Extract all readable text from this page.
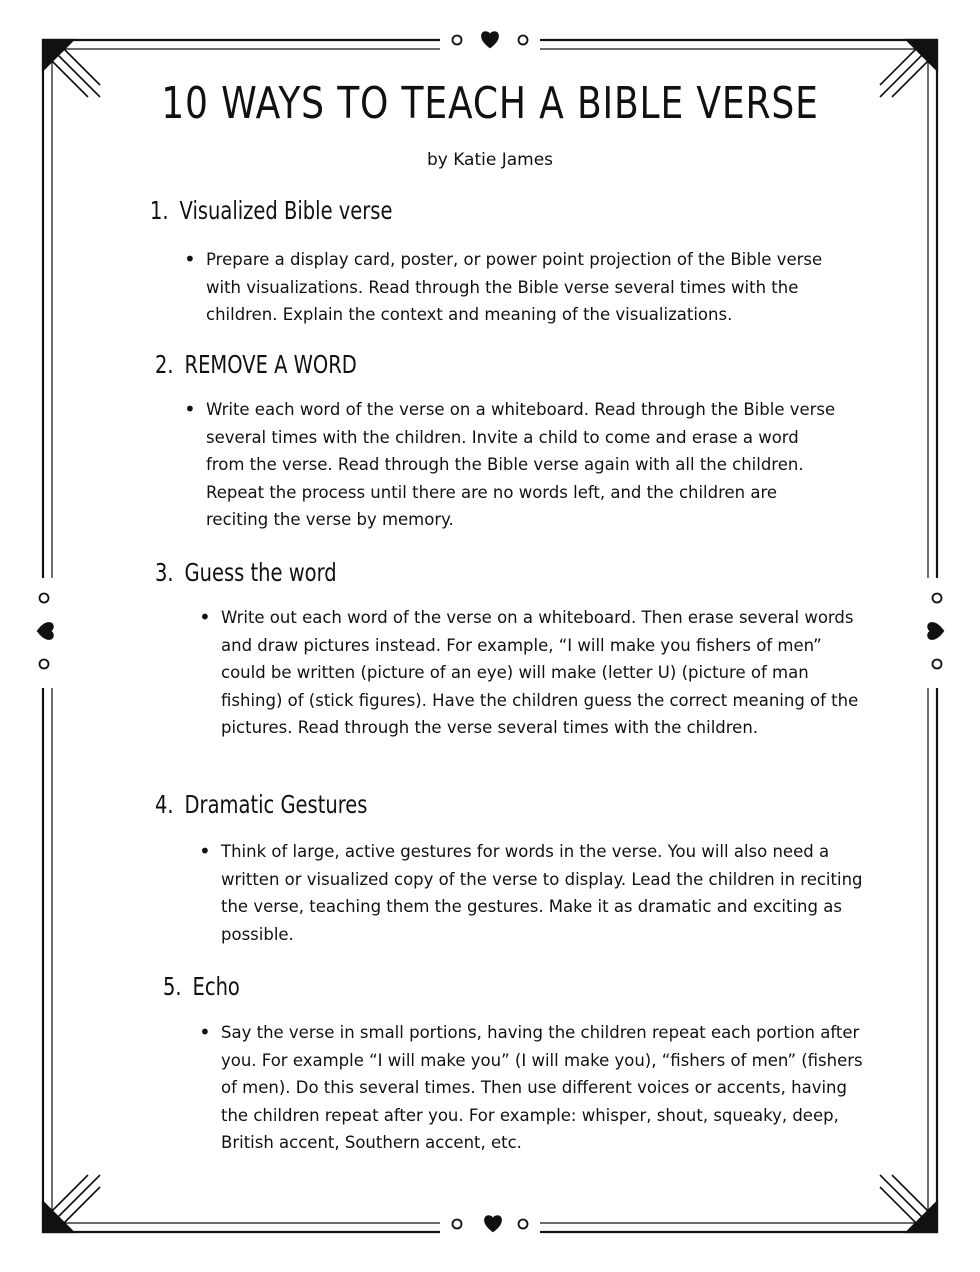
10 WAYS TO TEACH A BIBLE VERSE
by Katie James
1. Visualized Bible verse
• Prepare a display card, poster, or power point projection of the Bible verse with visualizations. Read through the Bible verse several times with the children. Explain the context and meaning of the visualizations.
2. REMOVE A WORD
• Write each word of the verse on a whiteboard. Read through the Bible verse several times with the children. Invite a child to come and erase a word from the verse. Read through the Bible verse again with all the children. Repeat the process until there are no words left, and the children are reciting the verse by memory.
3. Guess the word
• Write out each word of the verse on a whiteboard. Then erase several words and draw pictures instead. For example, “I will make you fishers of men” could be written (picture of an eye) will make (letter U) (picture of man fishing) of (stick figures). Have the children guess the correct meaning of the pictures. Read through the verse several times with the children.
4. Dramatic Gestures
• Think of large, active gestures for words in the verse. You will also need a written or visualized copy of the verse to display. Lead the children in reciting the verse, teaching them the gestures. Make it as dramatic and exciting as possible.
5. Echo
• Say the verse in small portions, having the children repeat each portion after you. For example “I will make you” (I will make you), “fishers of men” (fishers of men). Do this several times. Then use different voices or accents, having the children repeat after you. For example: whisper, shout, squeaky, deep, British accent, Southern accent, etc.
